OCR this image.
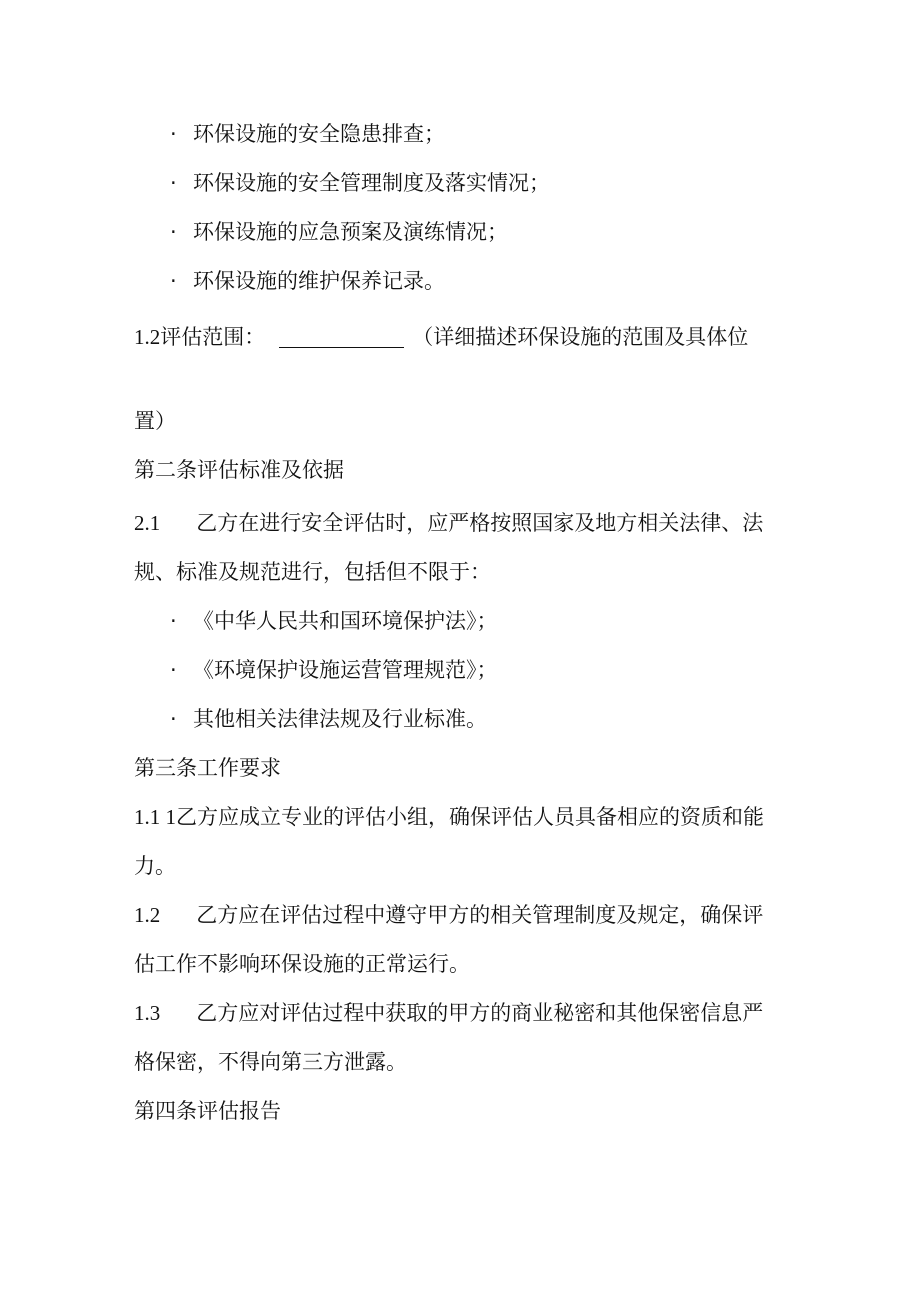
· 环保设施的安全隐患排查；
· 环保设施的安全管理制度及落实情况；
· 环保设施的应急预案及演练情况；
· 环保设施的维护保养记录。
1.2评估范围：	（详细描述环保设施的范围及具体位
置）
第二条评估标准及依据
2.1 乙方在进行安全评估时，应严格按照国家及地方相关法律、法
规、标准及规范进行，包括但不限于：
· 《中华人民共和国环境保护法》；
· 《环境保护设施运营管理规范》；
· 其他相关法律法规及行业标准。
第三条工作要求
1.1 1乙方应成立专业的评估小组，确保评估人员具备相应的资质和能
力。
1.2 乙方应在评估过程中遵守甲方的相关管理制度及规定，确保评
估工作不影响环保设施的正常运行。
1.3 乙方应对评估过程中获取的甲方的商业秘密和其他保密信息严
格保密，不得向第三方泄露。
第四条评估报告
